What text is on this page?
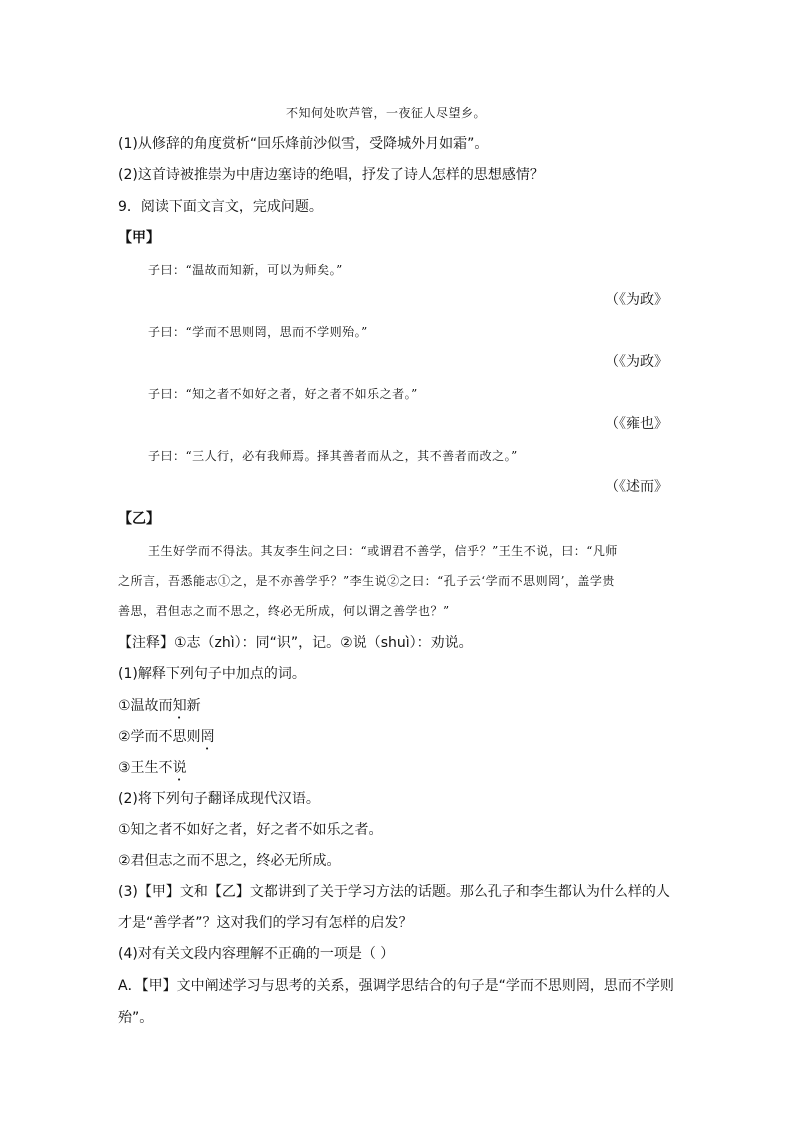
不知何处吹芦管，一夜征人尽望乡。
(1)从修辞的角度赏析“回乐烽前沙似雪，受降城外月如霜”。
(2)这首诗被推崇为中唐边塞诗的绝唱，抒发了诗人怎样的思想感情？
9．阅读下面文言文，完成问题。
【甲】
子曰：“温故而知新，可以为师矣。”
（《为政》
子曰：“学而不思则罔，思而不学则殆。”
（《为政》
子曰：“知之者不如好之者，好之者不如乐之者。”
（《雍也》
子曰：“三人行，必有我师焉。择其善者而从之，其不善者而改之。”
（《述而》
【乙】
王生好学而不得法。其友李生问之曰：“或谓君不善学，信乎？”王生不说，曰：“凡师
之所言，吾悉能志①之，是不亦善学乎？”李生说②之曰：“孔子云‘学而不思则罔’，盖学贵
善思，君但志之而不思之，终必无所成，何以谓之善学也？”
【注释】①志（zhì）：同“识”，记。②说（shuì）：劝说。
(1)解释下列句子中加点的词。
①温故而知新
②学而不思则罔
③王生不说
(2)将下列句子翻译成现代汉语。
①知之者不如好之者，好之者不如乐之者。
②君但志之而不思之，终必无所成。
(3)【甲】文和【乙】文都讲到了关于学习方法的话题。那么孔子和李生都认为什么样的人
才是“善学者”？这对我们的学习有怎样的启发？
(4)对有关文段内容理解不正确的一项是（ ）
A．【甲】文中阐述学习与思考的关系，强调学思结合的句子是“学而不思则罔，思而不学则
殆”。
